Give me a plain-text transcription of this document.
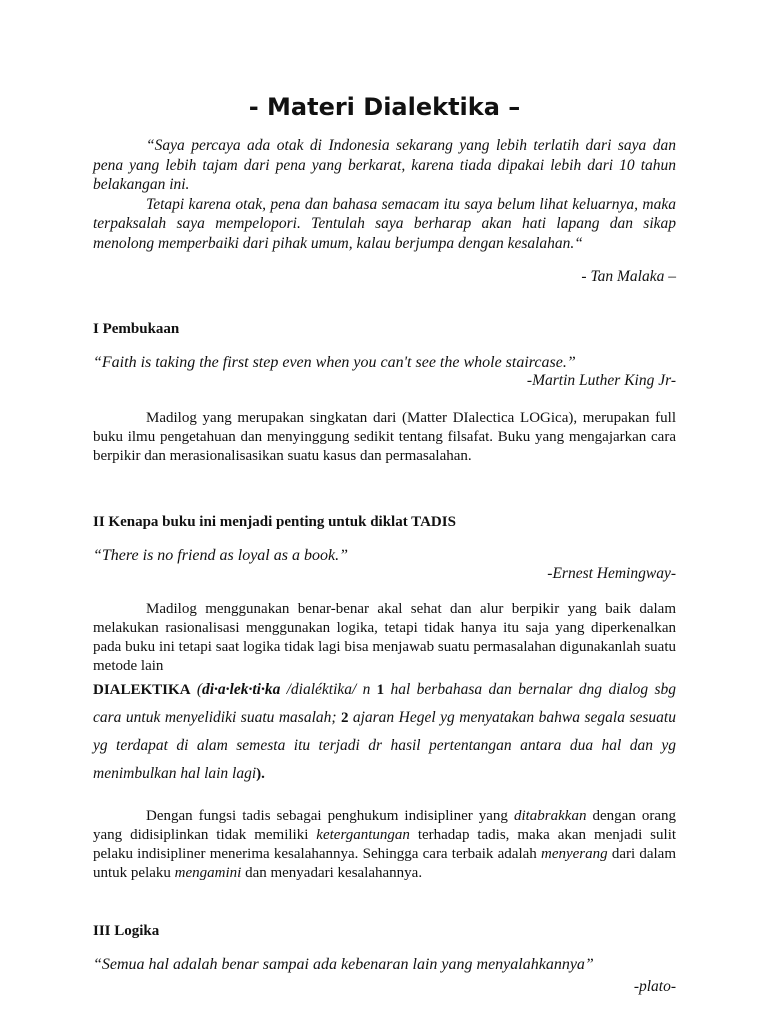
- Materi Dialektika –

“Saya percaya ada otak di Indonesia sekarang yang lebih terlatih dari saya dan pena yang lebih tajam dari pena yang berkarat, karena tiada dipakai lebih dari 10 tahun belakangan ini.

Tetapi karena otak, pena dan bahasa semacam itu saya belum lihat keluarnya, maka terpaksalah saya mempelopori. Tentulah saya berharap akan hati lapang dan sikap menolong memperbaiki dari pihak umum, kalau berjumpa dengan kesalahan.“

- Tan Malaka –

I Pembukaan

“Faith is taking the first step even when you can't see the whole staircase.”

-Martin Luther King Jr-

Madilog yang merupakan singkatan dari (Matter DIalectica LOGica), merupakan full buku ilmu pengetahuan dan menyinggung sedikit tentang filsafat. Buku yang mengajarkan cara berpikir dan merasionalisasikan suatu kasus dan permasalahan.

II Kenapa buku ini menjadi penting untuk diklat TADIS

“There is no friend as loyal as a book.”

-Ernest Hemingway-

Madilog menggunakan benar-benar akal sehat dan alur berpikir yang baik dalam melakukan rasionalisasi menggunakan logika, tetapi tidak hanya itu saja yang diperkenalkan pada buku ini tetapi saat logika tidak lagi bisa menjawab suatu permasalahan digunakanlah suatu metode lain

DIALEKTIKA (di·a·lek·ti·ka /dialéktika/ n 1 hal berbahasa dan bernalar dng dialog sbg cara untuk menyelidiki suatu masalah; 2 ajaran Hegel yg menyatakan bahwa segala sesuatu yg terdapat di alam semesta itu terjadi dr hasil pertentangan antara dua hal dan yg menimbulkan hal lain lagi).

Dengan fungsi tadis sebagai penghukum indisipliner yang ditabrakkan dengan orang yang didisiplinkan tidak memiliki ketergantungan terhadap tadis, maka akan menjadi sulit pelaku indisipliner menerima kesalahannya. Sehingga cara terbaik adalah menyerang dari dalam untuk pelaku mengamini dan menyadari kesalahannya.

III Logika

“Semua hal adalah benar sampai ada kebenaran lain yang menyalahkannya”

-plato-
